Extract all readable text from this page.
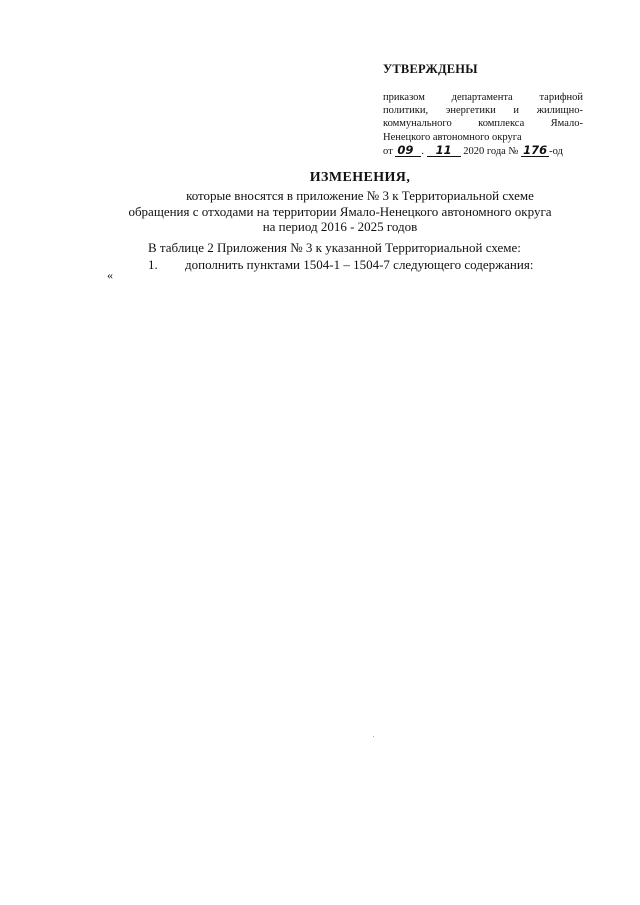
УТВЕРЖДЕНЫ
приказом департамента тарифной
политики, энергетики и жилищно-
коммунального комплекса Ямало-
Ненецкого автономного округа
от 09 . 11 2020 года № 176 -од
ИЗМЕНЕНИЯ,
которые вносятся в приложение № 3 к Территориальной схеме
обращения с отходами на территории Ямало-Ненецкого автономного округа
на период 2016 - 2025 годов
В таблице 2 Приложения № 3 к указанной Территориальной схеме:
1. дополнить пунктами 1504-1 – 1504-7 следующего содержания:
«
